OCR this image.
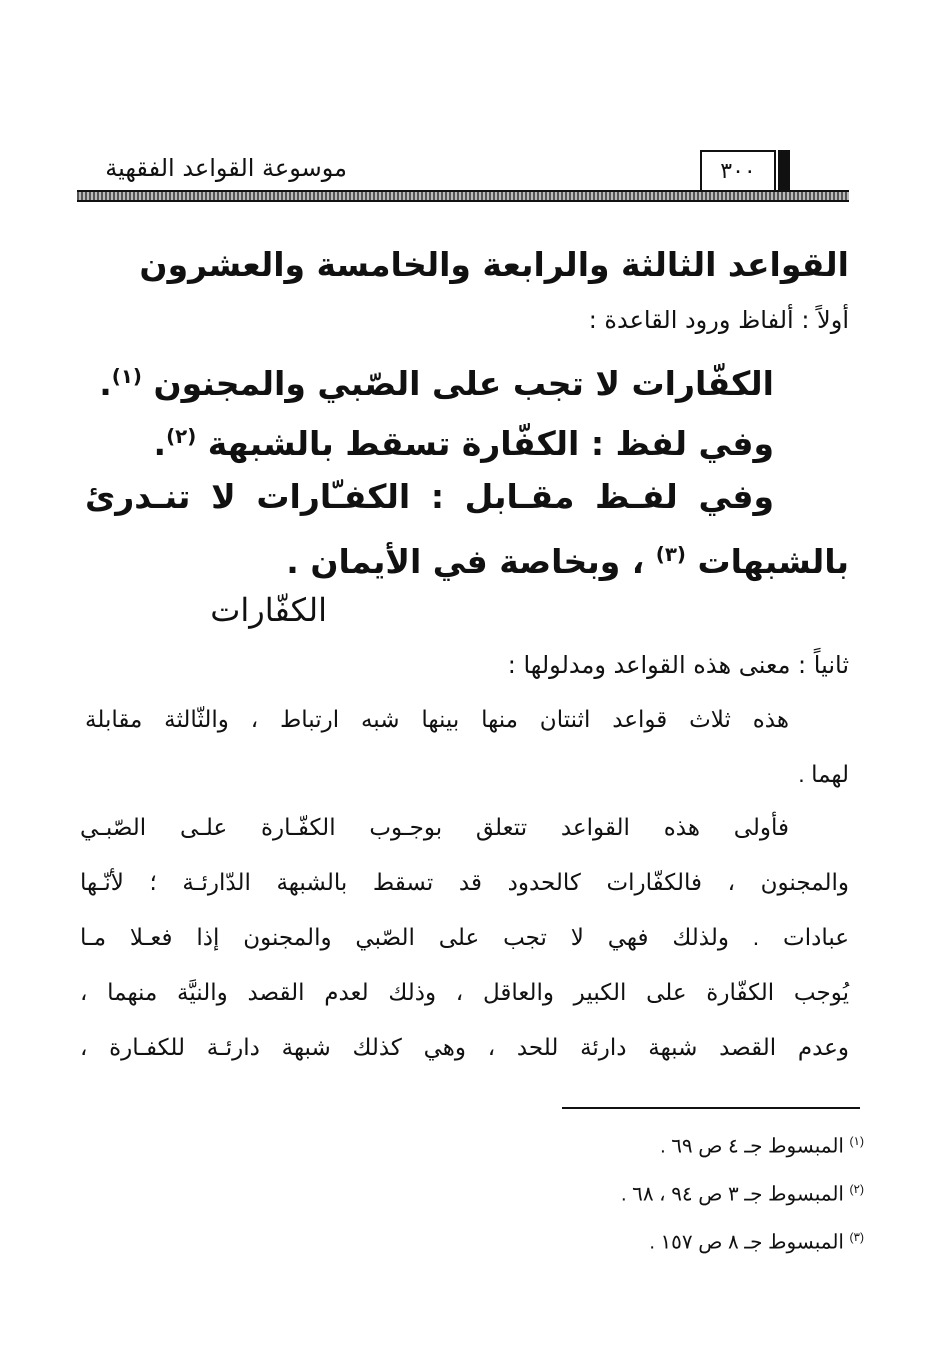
موسوعة القواعد الفقهية	٣٠٠
القواعد الثالثة والرابعة والخامسة والعشرون
أولاً : ألفاظ ورود القاعدة :
الكفّارات لا تجب على الصّبي والمجنون $^{(١)}$.
وفي لفظ : الكفّارة تسقط بالشبهة $^{(٢)}$.
وفي لفـظ مقـابل : الكفـّارات لا تنـدرئ
بالشبهات $^{(٣)}$ ، وبخاصة في الأيمان .
الكفّارات
ثانياً : معنى هذه القواعد ومدلولها :
هذه ثلاث قواعد اثنتان منها بينها شبه ارتباط ، والثّالثة مقابلة
لهما .
فأولى هذه القواعد تتعلق بوجـوب الكفّـارة علـى الصّبـي
والمجنون ، فالكفّارات كالحدود قد تسقط بالشبهة الدّارئـة ؛ لأنّـها
عبادات . ولذلك فهي لا تجب على الصّبي والمجنون إذا فعـلا مـا
يُوجب الكفّارة على الكبير والعاقل ، وذلك لعدم القصد والنيَّة منهما ،
وعدم القصد شبهة دارئة للحد ، وهي كذلك شبهة دارئـة للكفـارة ،
$^{(١)}$ المبسوط جـ ٤ ص ٦٩ .
$^{(٢)}$ المبسوط جـ ٣ ص ٩٤ ، ٦٨ .
$^{(٣)}$ المبسوط جـ ٨ ص ١٥٧ .
